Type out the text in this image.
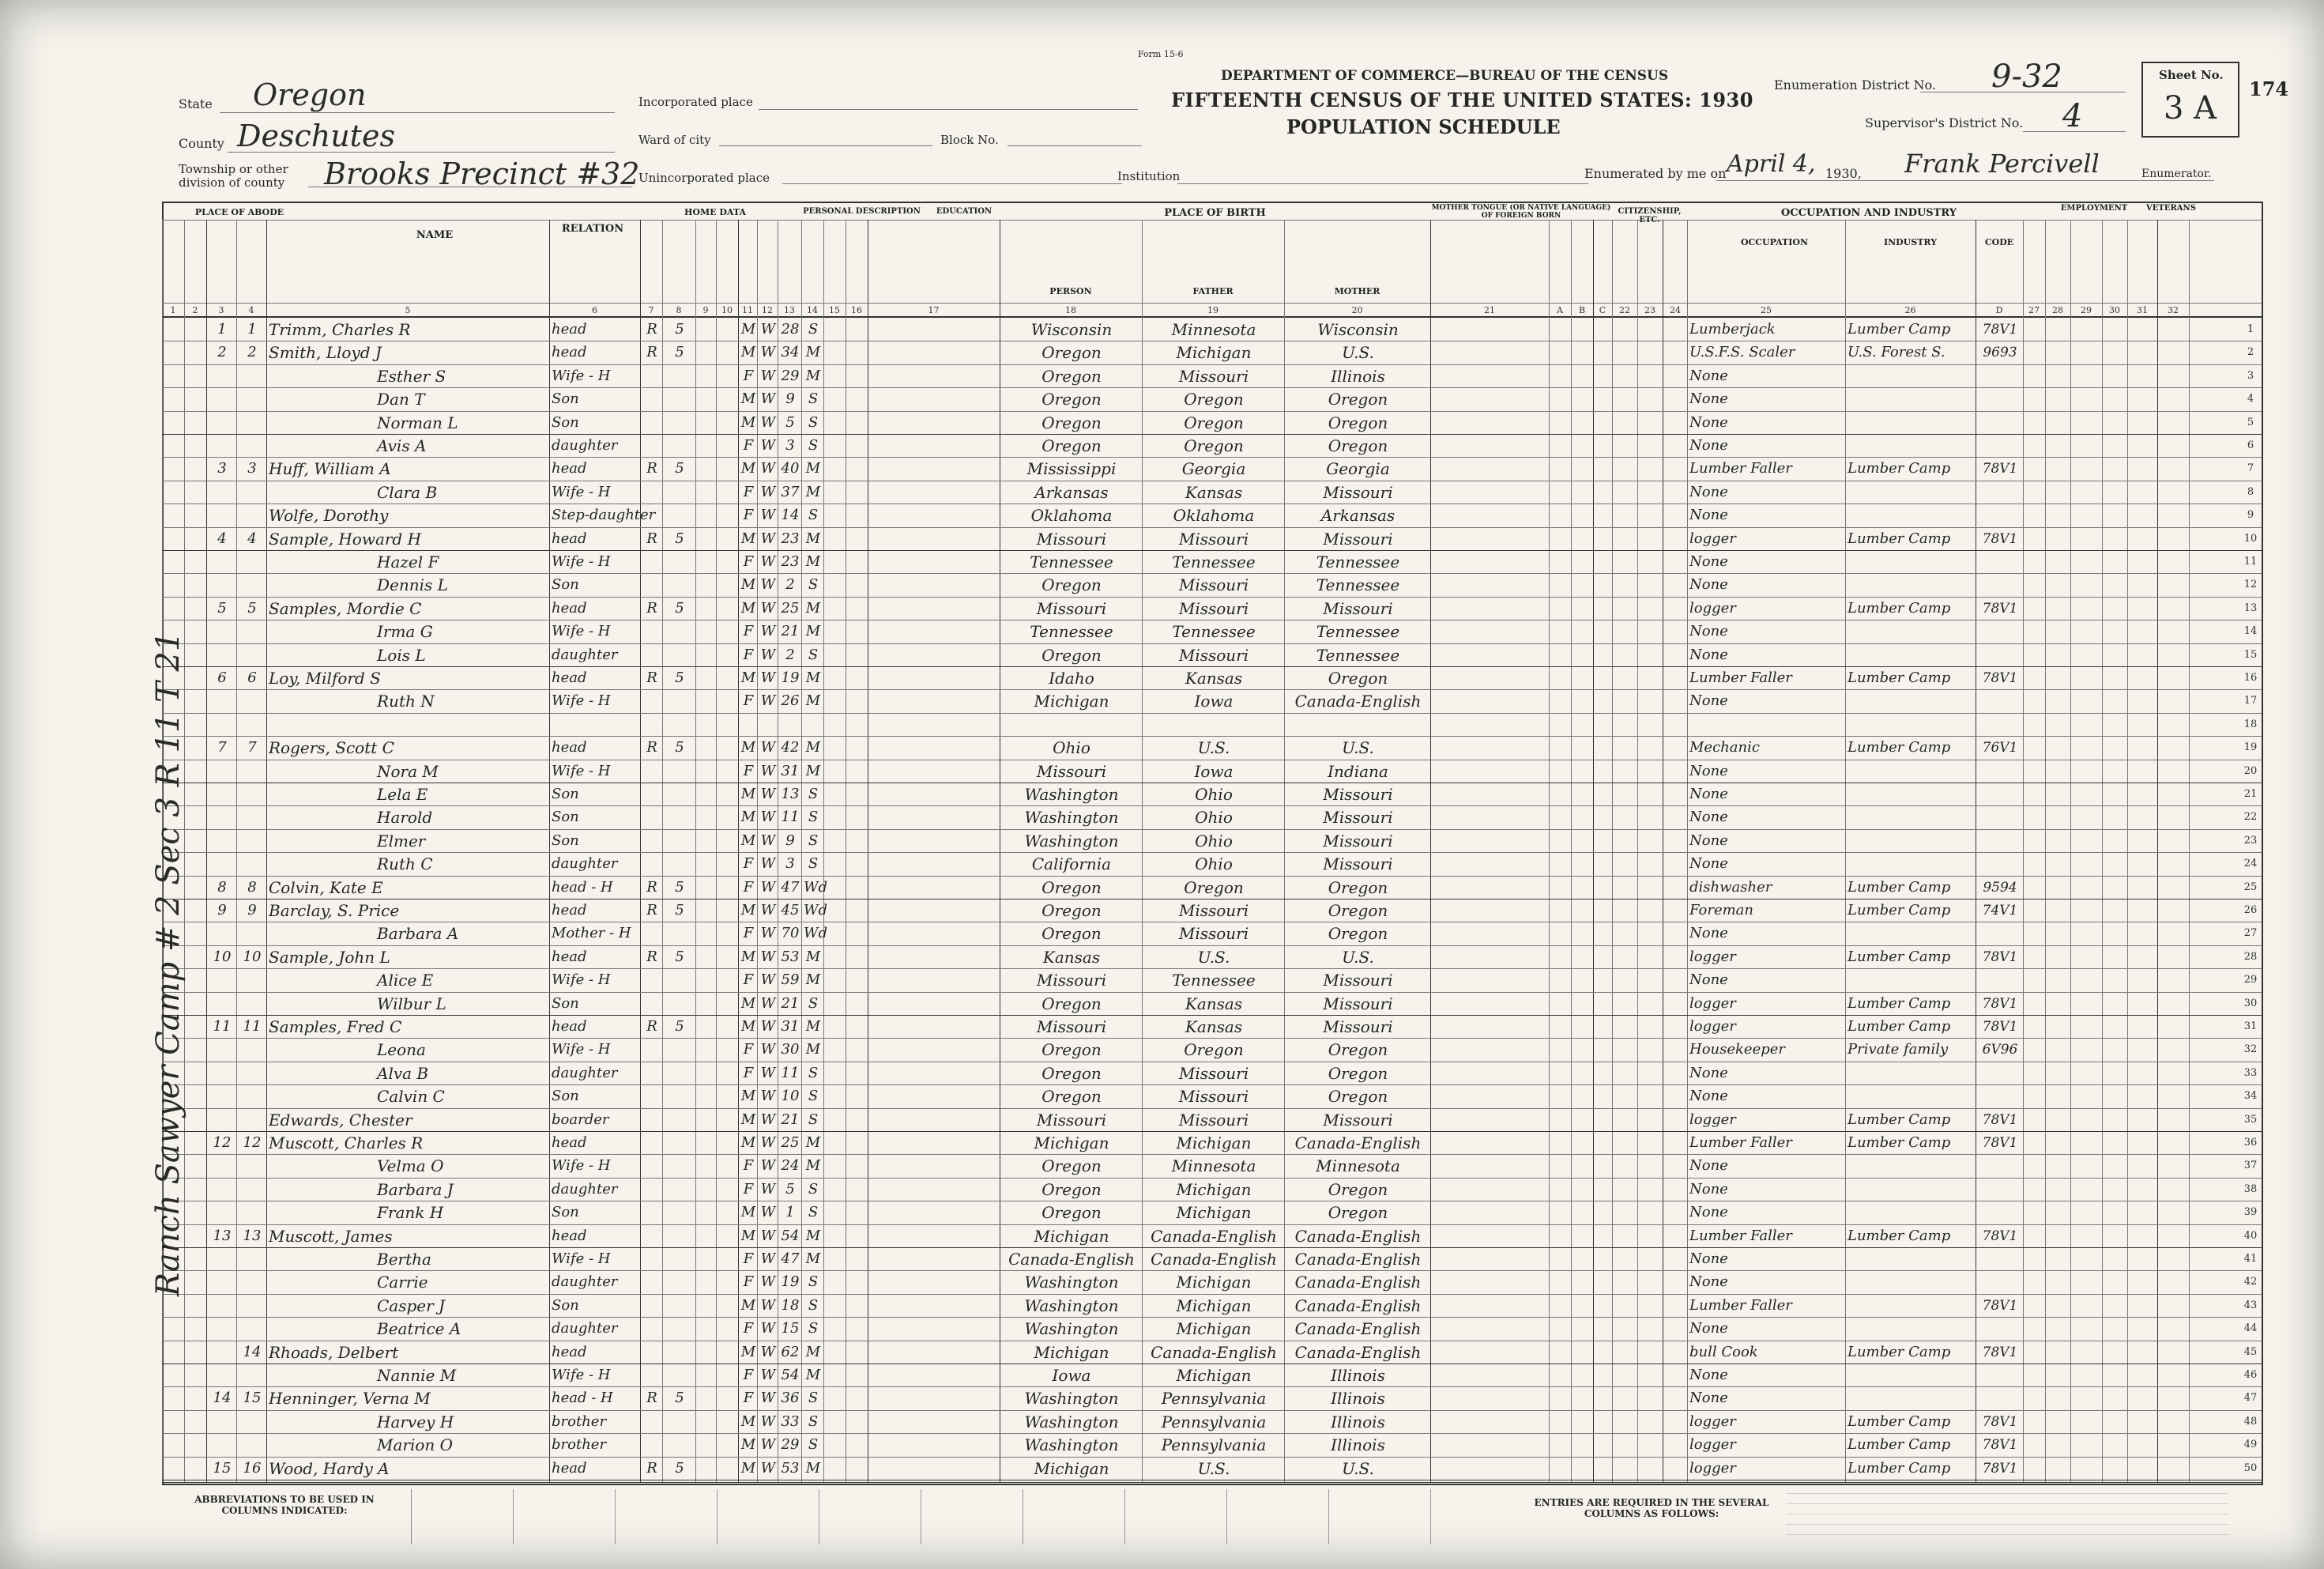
Form 15-6
DEPARTMENT OF COMMERCE—BUREAU OF THE CENSUS
FIFTEENTH CENSUS OF THE UNITED STATES: 1930
POPULATION SCHEDULE
State Oregon
County Deschutes
Township or other division of county	Brooks Precinct #32
Incorporated place
Ward of city	Block No.
Unincorporated place	Institution
Enumeration District No. 9-32
Supervisor's District No. 4
Sheet No.
3 A
174
Enumerated by me on April 4, 1930, Frank Percivell	Enumerator.
PLACE OF ABODE
NAME
RELATION
HOME DATA	PERSONAL DESCRIPTION	EDUCATION	PLACE OF BIRTH	MOTHER TONGUE (OR NATIVE LANGUAGE) OF FOREIGN BORN	CITIZENSHIP, ETC.
OCCUPATION AND INDUSTRY	EMPLOYMENT	VETERANS
PERSON	FATHER	MOTHER
OCCUPATION	INDUSTRY	CODE
1	2	3	4	5	6	7	8	9	10	11	12	13	14	15	16	17	18	19	20	21	A	B	C	22	23	24	25	26	D	27	28	29	30	31	32
1	1 Trimm, Charles R	head	R	5	M W 28 S	Wisconsin	Minnesota	Wisconsin	Lumberjack	Lumber Camp	78V1	1
2	2 Smith, Lloyd J	head	R	5	M W 34 M	Oregon	Michigan	U.S.	U.S.F.S. Scaler	U.S. Forest S.	9693	2
Esther S	Wife - H	F W 29 M	Oregon	Missouri	Illinois	None	3
Dan T	Son	M W 9 S	Oregon	Oregon	Oregon	None	4
Norman L	Son	M W 5 S	Oregon	Oregon	Oregon	None	5
Avis A	daughter	F W 3 S	Oregon	Oregon	Oregon	None	6
3	3 Huff, William A	head	R	5	M W 40 M	Mississippi	Georgia	Georgia	Lumber Faller	Lumber Camp	78V1	7
Clara B	Wife - H	F W 37 M	Arkansas	Kansas	Missouri	None	8
Wolfe, Dorothy	Step-daughter	F W 14 S	Oklahoma	Oklahoma	Arkansas	None	9
4	4 Sample, Howard H	head	R	5	M W 23 M	Missouri	Missouri	Missouri	logger	Lumber Camp	78V1	10
Hazel F	Wife - H	F W 23 M	Tennessee	Tennessee	Tennessee	None	11
Dennis L	Son	M W 2 S	Oregon	Missouri	Tennessee	None	12
5	5 Samples, Mordie C	head	R	5	M W 25 M	Missouri	Missouri	Missouri	logger	Lumber Camp	78V1	13
Irma G	Wife - H	F W 21 M	Tennessee	Tennessee	Tennessee	None	14
Lois L	daughter	F W 2 S	Oregon	Missouri	Tennessee	None	15
6	6 Loy, Milford S	head	R	5	M W 19 M	Idaho	Kansas	Oregon	Lumber Faller	Lumber Camp	78V1	16
Ruth N	Wife - H	F W 26 M	Michigan	Iowa	Canada-English	None	17
18
7	7 Rogers, Scott C	head	R	5	M W 42 M	Ohio	U.S.	U.S.	Mechanic	Lumber Camp	76V1	19
Nora M	Wife - H	F W 31 M	Missouri	Iowa	Indiana	None	20
Lela E	Son	M W 13 S	Washington	Ohio	Missouri	None	21
Harold	Son	M W 11 S	Washington	Ohio	Missouri	None	22
Elmer	Son	M W 9 S	Washington	Ohio	Missouri	None	23
Ruth C	daughter	F W 3 S	California	Ohio	Missouri	None	24
8	8 Colvin, Kate E	head - H	R	5	F W 47 Wd	Oregon	Oregon	Oregon	dishwasher	Lumber Camp	9594	25
9	9 Barclay, S. Price	head	R	5	M W 45 Wd	Oregon	Missouri	Oregon	Foreman	Lumber Camp	74V1	26
Barbara A	Mother - H	F W 70 Wd	Oregon	Missouri	Oregon	None	27
10 10 Sample, John L	head	R	5	M W 53 M	Kansas	U.S.	U.S.	logger	Lumber Camp	78V1	28
Alice E	Wife - H	F W 59 M	Missouri	Tennessee	Missouri	None	29
Wilbur L	Son	M W 21 S	Oregon	Kansas	Missouri	logger	Lumber Camp	78V1	30
11 11 Samples, Fred C	head	R	5	M W 31 M	Missouri	Kansas	Missouri	logger	Lumber Camp	78V1	31
Leona	Wife - H	F W 30 M	Oregon	Oregon	Oregon	Housekeeper	Private family	6V96	32
Alva B	daughter	F W 11 S	Oregon	Missouri	Oregon	None	33
Calvin C	Son	M W 10 S	Oregon	Missouri	Oregon	None	34
Edwards, Chester	boarder	M W 21 S	Missouri	Missouri	Missouri	logger	Lumber Camp	78V1	35
12 12 Muscott, Charles R	head	M W 25 M	Michigan	Michigan	Canada-English	Lumber Faller	Lumber Camp	78V1	36
Velma O	Wife - H	F W 24 M	Oregon	Minnesota	Minnesota	None	37
Barbara J	daughter	F W 5 S	Oregon	Michigan	Oregon	None	38
Frank H	Son	M W 1 S	Oregon	Michigan	Oregon	None	39
13 13 Muscott, James	head	M W 54 M	Michigan	Canada-English	Canada-English	Lumber Faller	Lumber Camp	78V1	40
Bertha	Wife - H	F W 47 M	Canada-English	Canada-English	Canada-English	None	41
Carrie	daughter	F W 19 S	Washington	Michigan	Canada-English	None	42
Casper J	Son	M W 18 S	Washington	Michigan	Canada-English	Lumber Faller	78V1	43
Beatrice A	daughter	F W 15 S	Washington	Michigan	Canada-English	None	44
14 Rhoads, Delbert	head	M W 62 M	Michigan	Canada-English	Canada-English	bull Cook	Lumber Camp	78V1	45
Nannie M	Wife - H	F W 54 M	Iowa	Michigan	Illinois	None	46
14 15 Henninger, Verna M	head - H	R	5	F W 36 S	Washington	Pennsylvania	Illinois	None	47
Harvey H	brother	M W 33 S	Washington	Pennsylvania	Illinois	logger	Lumber Camp	78V1	48
Marion O	brother	M W 29 S	Washington	Pennsylvania	Illinois	logger	Lumber Camp	78V1	49
15 16 Wood, Hardy A	head	R	5	M W 53 M	Michigan	U.S.	U.S.	logger	Lumber Camp	78V1	50
Ranch Sawyer Camp # 2 Sec 3 R 11 T 21
ABBREVIATIONS TO BE USED IN COLUMNS INDICATED:
ENTRIES ARE REQUIRED IN THE SEVERAL COLUMNS AS FOLLOWS:
